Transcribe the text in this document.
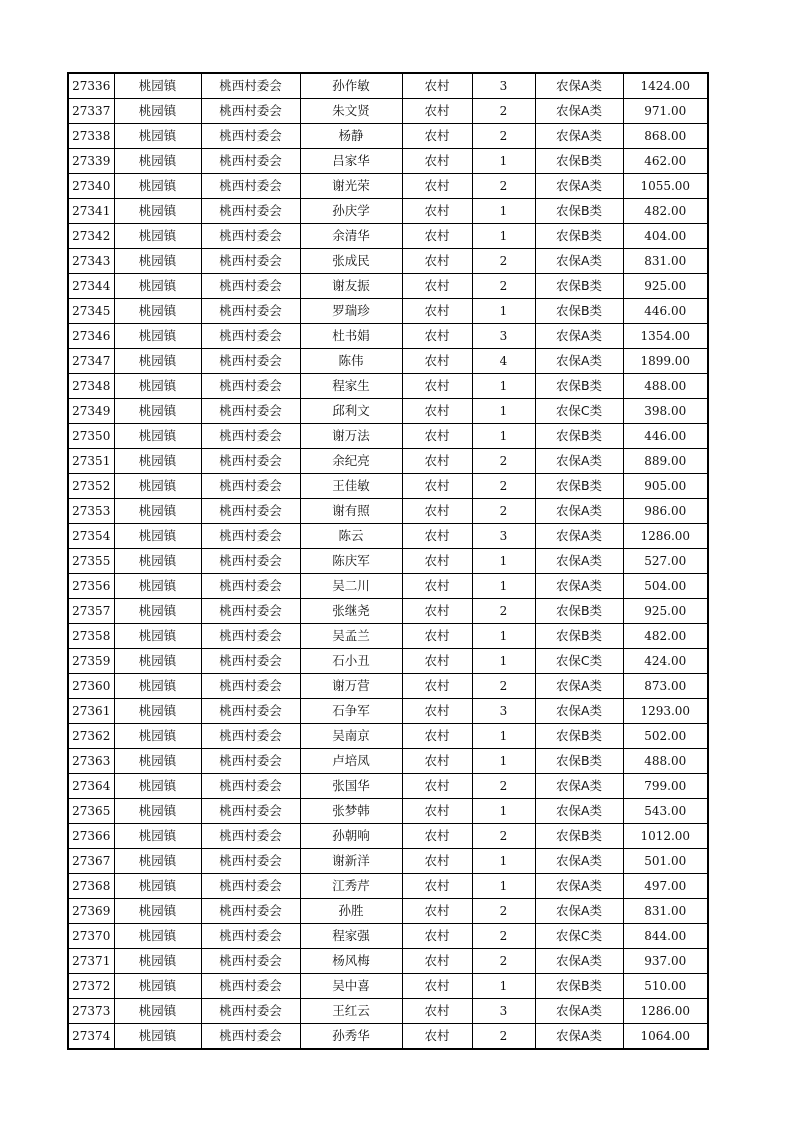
27336	桃园镇	桃西村委会	孙作敏	农村	3	农保A类	1424.00
27337	桃园镇	桃西村委会	朱文贤	农村	2	农保A类	971.00
27338	桃园镇	桃西村委会	杨静	农村	2	农保A类	868.00
27339	桃园镇	桃西村委会	吕家华	农村	1	农保B类	462.00
27340	桃园镇	桃西村委会	谢光荣	农村	2	农保A类	1055.00
27341	桃园镇	桃西村委会	孙庆学	农村	1	农保B类	482.00
27342	桃园镇	桃西村委会	余清华	农村	1	农保B类	404.00
27343	桃园镇	桃西村委会	张成民	农村	2	农保A类	831.00
27344	桃园镇	桃西村委会	谢友振	农村	2	农保B类	925.00
27345	桃园镇	桃西村委会	罗瑞珍	农村	1	农保B类	446.00
27346	桃园镇	桃西村委会	杜书娟	农村	3	农保A类	1354.00
27347	桃园镇	桃西村委会	陈伟	农村	4	农保A类	1899.00
27348	桃园镇	桃西村委会	程家生	农村	1	农保B类	488.00
27349	桃园镇	桃西村委会	邱利文	农村	1	农保C类	398.00
27350	桃园镇	桃西村委会	谢万法	农村	1	农保B类	446.00
27351	桃园镇	桃西村委会	余纪亮	农村	2	农保A类	889.00
27352	桃园镇	桃西村委会	王佳敏	农村	2	农保B类	905.00
27353	桃园镇	桃西村委会	谢有照	农村	2	农保A类	986.00
27354	桃园镇	桃西村委会	陈云	农村	3	农保A类	1286.00
27355	桃园镇	桃西村委会	陈庆军	农村	1	农保A类	527.00
27356	桃园镇	桃西村委会	吴二川	农村	1	农保A类	504.00
27357	桃园镇	桃西村委会	张继尧	农村	2	农保B类	925.00
27358	桃园镇	桃西村委会	吴孟兰	农村	1	农保B类	482.00
27359	桃园镇	桃西村委会	石小丑	农村	1	农保C类	424.00
27360	桃园镇	桃西村委会	谢万营	农村	2	农保A类	873.00
27361	桃园镇	桃西村委会	石争军	农村	3	农保A类	1293.00
27362	桃园镇	桃西村委会	吴南京	农村	1	农保B类	502.00
27363	桃园镇	桃西村委会	卢培凤	农村	1	农保B类	488.00
27364	桃园镇	桃西村委会	张国华	农村	2	农保A类	799.00
27365	桃园镇	桃西村委会	张梦韩	农村	1	农保A类	543.00
27366	桃园镇	桃西村委会	孙朝响	农村	2	农保B类	1012.00
27367	桃园镇	桃西村委会	谢新洋	农村	1	农保A类	501.00
27368	桃园镇	桃西村委会	江秀芹	农村	1	农保A类	497.00
27369	桃园镇	桃西村委会	孙胜	农村	2	农保A类	831.00
27370	桃园镇	桃西村委会	程家强	农村	2	农保C类	844.00
27371	桃园镇	桃西村委会	杨风梅	农村	2	农保A类	937.00
27372	桃园镇	桃西村委会	吴中喜	农村	1	农保B类	510.00
27373	桃园镇	桃西村委会	王红云	农村	3	农保A类	1286.00
27374	桃园镇	桃西村委会	孙秀华	农村	2	农保A类	1064.00
